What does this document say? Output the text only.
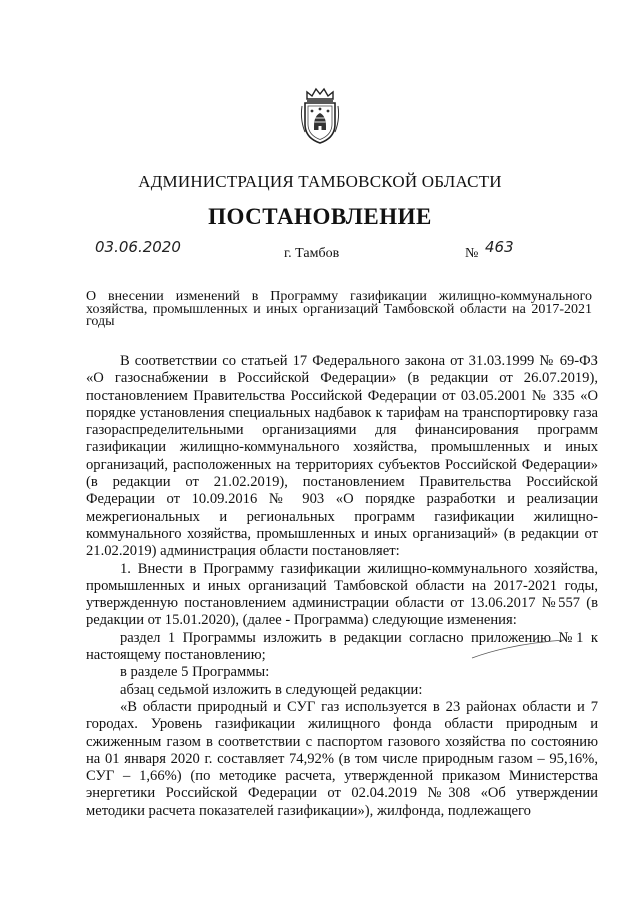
АДМИНИСТРАЦИЯ ТАМБОВСКОЙ ОБЛАСТИ
ПОСТАНОВЛЕНИЕ
03.06.2020	г. Тамбов	№ 463
О внесении изменений в Программу газификации жилищно-коммунального хозяйства, промышленных и иных организаций Тамбовской области на 2017-2021 годы

В соответствии со статьей 17 Федерального закона от 31.03.1999 № 69-ФЗ «О газоснабжении в Российской Федерации» (в редакции от 26.07.2019), постановлением Правительства Российской Федерации от 03.05.2001 № 335 «О порядке установления специальных надбавок к тарифам на транспортировку газа газораспределительными организациями для финансирования программ газификации жилищно-коммунального хозяйства, промышленных и иных организаций, расположенных на территориях субъектов Российской Федерации» (в редакции от 21.02.2019), постановлением Правительства Российской Федерации от 10.09.2016 № 903 «О порядке разработки и реализации межрегиональных и региональных программ газификации жилищно-коммунального хозяйства, промышленных и иных организаций» (в редакции от 21.02.2019) администрация области постановляет:

1. Внести в Программу газификации жилищно-коммунального хозяйства, промышленных и иных организаций Тамбовской области на 2017-2021 годы, утвержденную постановлением администрации области от 13.06.2017 №557 (в редакции от 15.01.2020), (далее - Программа) следующие изменения:

раздел 1 Программы изложить в редакции согласно приложению №1 к настоящему постановлению;

в разделе 5 Программы:

абзац седьмой изложить в следующей редакции:

«В области природный и СУГ газ используется в 23 районах области и 7 городах. Уровень газификации жилищного фонда области природным и сжиженным газом в соответствии с паспортом газового хозяйства по состоянию на 01 января 2020 г. составляет 74,92% (в том числе природным газом – 95,16%, СУГ – 1,66%) (по методике расчета, утвержденной приказом Министерства энергетики Российской Федерации от 02.04.2019 №308 «Об утверждении методики расчета показателей газификации»), жилфонда, подлежащего
